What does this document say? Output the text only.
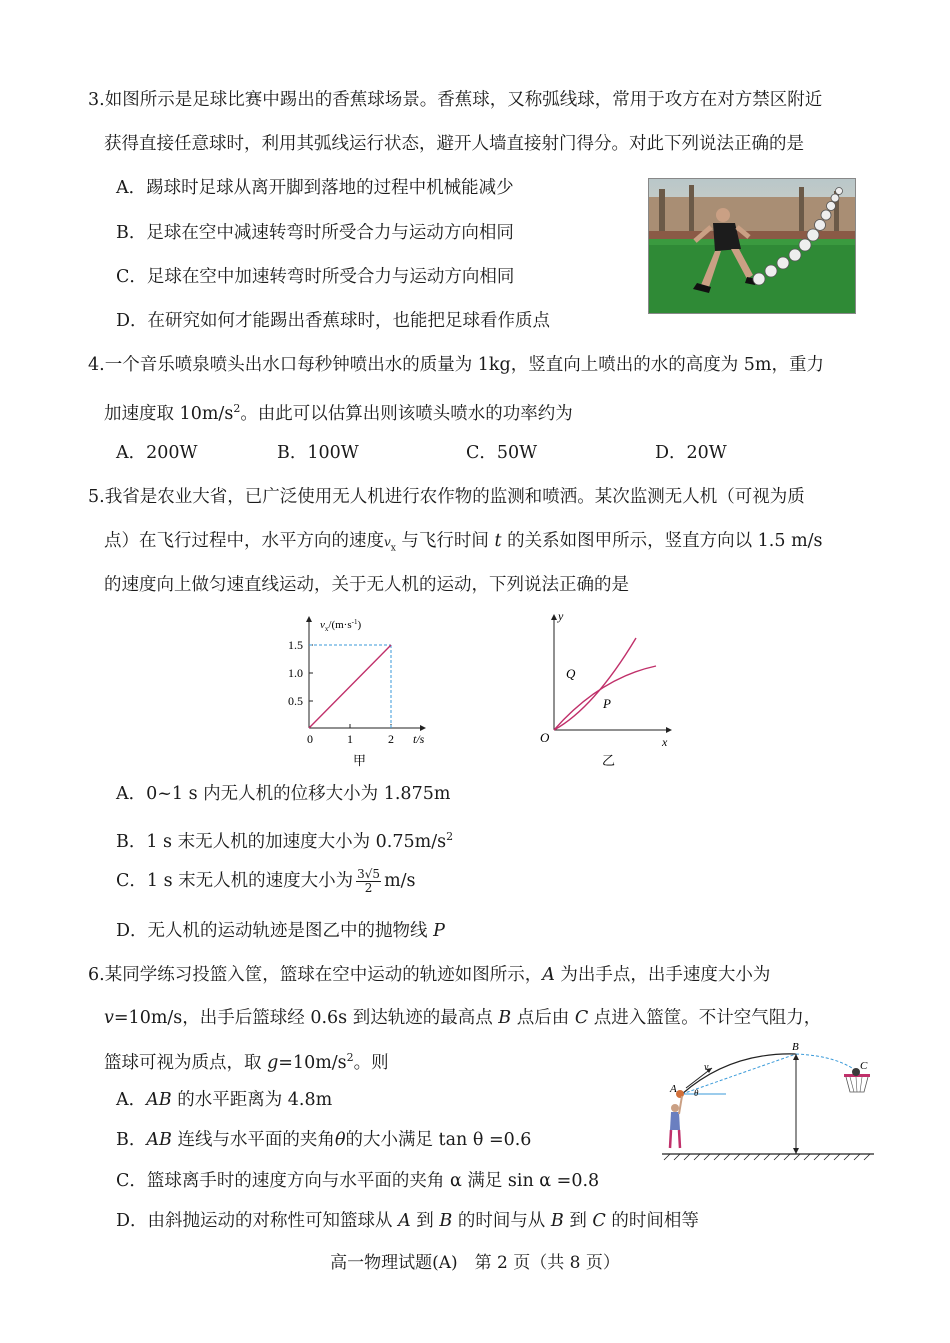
3.如图所示是足球比赛中踢出的香蕉球场景。香蕉球，又称弧线球，常用于攻方在对方禁区附近
获得直接任意球时，利用其弧线运行状态，避开人墙直接射门得分。对此下列说法正确的是
A．踢球时足球从离开脚到落地的过程中机械能减少
B．足球在空中减速转弯时所受合力与运动方向相同
C．足球在空中加速转弯时所受合力与运动方向相同
D．在研究如何才能踢出香蕉球时，也能把足球看作质点
4.一个音乐喷泉喷头出水口每秒钟喷出水的质量为 1kg，竖直向上喷出的水的高度为 5m，重力
加速度取 $10m/s^2$。由此可以估算出则该喷头喷水的功率约为
A．200W	B．100W	C．50W	D．20W
5.我省是农业大省，已广泛使用无人机进行农作物的监测和喷洒。某次监测无人机（可视为质
点）在飞行过程中，水平方向的速度$v_x$ 与飞行时间 t 的关系如图甲所示，竖直方向以 1.5 m/s
的速度向上做匀速直线运动，关于无人机的运动，下列说法正确的是
$v_x/(m\cdot s^{-1})$
1.5
1.0
0.5
0	1	2 t/s
甲
y
x
O
Q
P
乙
A．0~1 s 内无人机的位移大小为 1.875m
B．1 s 末无人机的加速度大小为 $0.75m/s^2$
C．1 s 末无人机的速度大小为 $\frac{3√5}{2} m/s$
D．无人机的运动轨迹是图乙中的抛物线 P
6.某同学练习投篮入筐，篮球在空中运动的轨迹如图所示，A 为出手点，出手速度大小为
v=10m/s，出手后篮球经 0.6s 到达轨迹的最高点 B 点后由 C 点进入篮筐。不计空气阻力，
篮球可视为质点，取 $g=10m/s^2$。则
A．AB 的水平距离为 4.8m
B．AB 连线与水平面的夹角θ的大小满足 tan θ =0.6
C．篮球离手时的速度方向与水平面的夹角 α 满足 sin α =0.8
D．由斜抛运动的对称性可知篮球从 A 到 B 的时间与从 B 到 C 的时间相等
B
C
A
v
θ
高一物理试题(A)　第 2 页（共 8 页）
